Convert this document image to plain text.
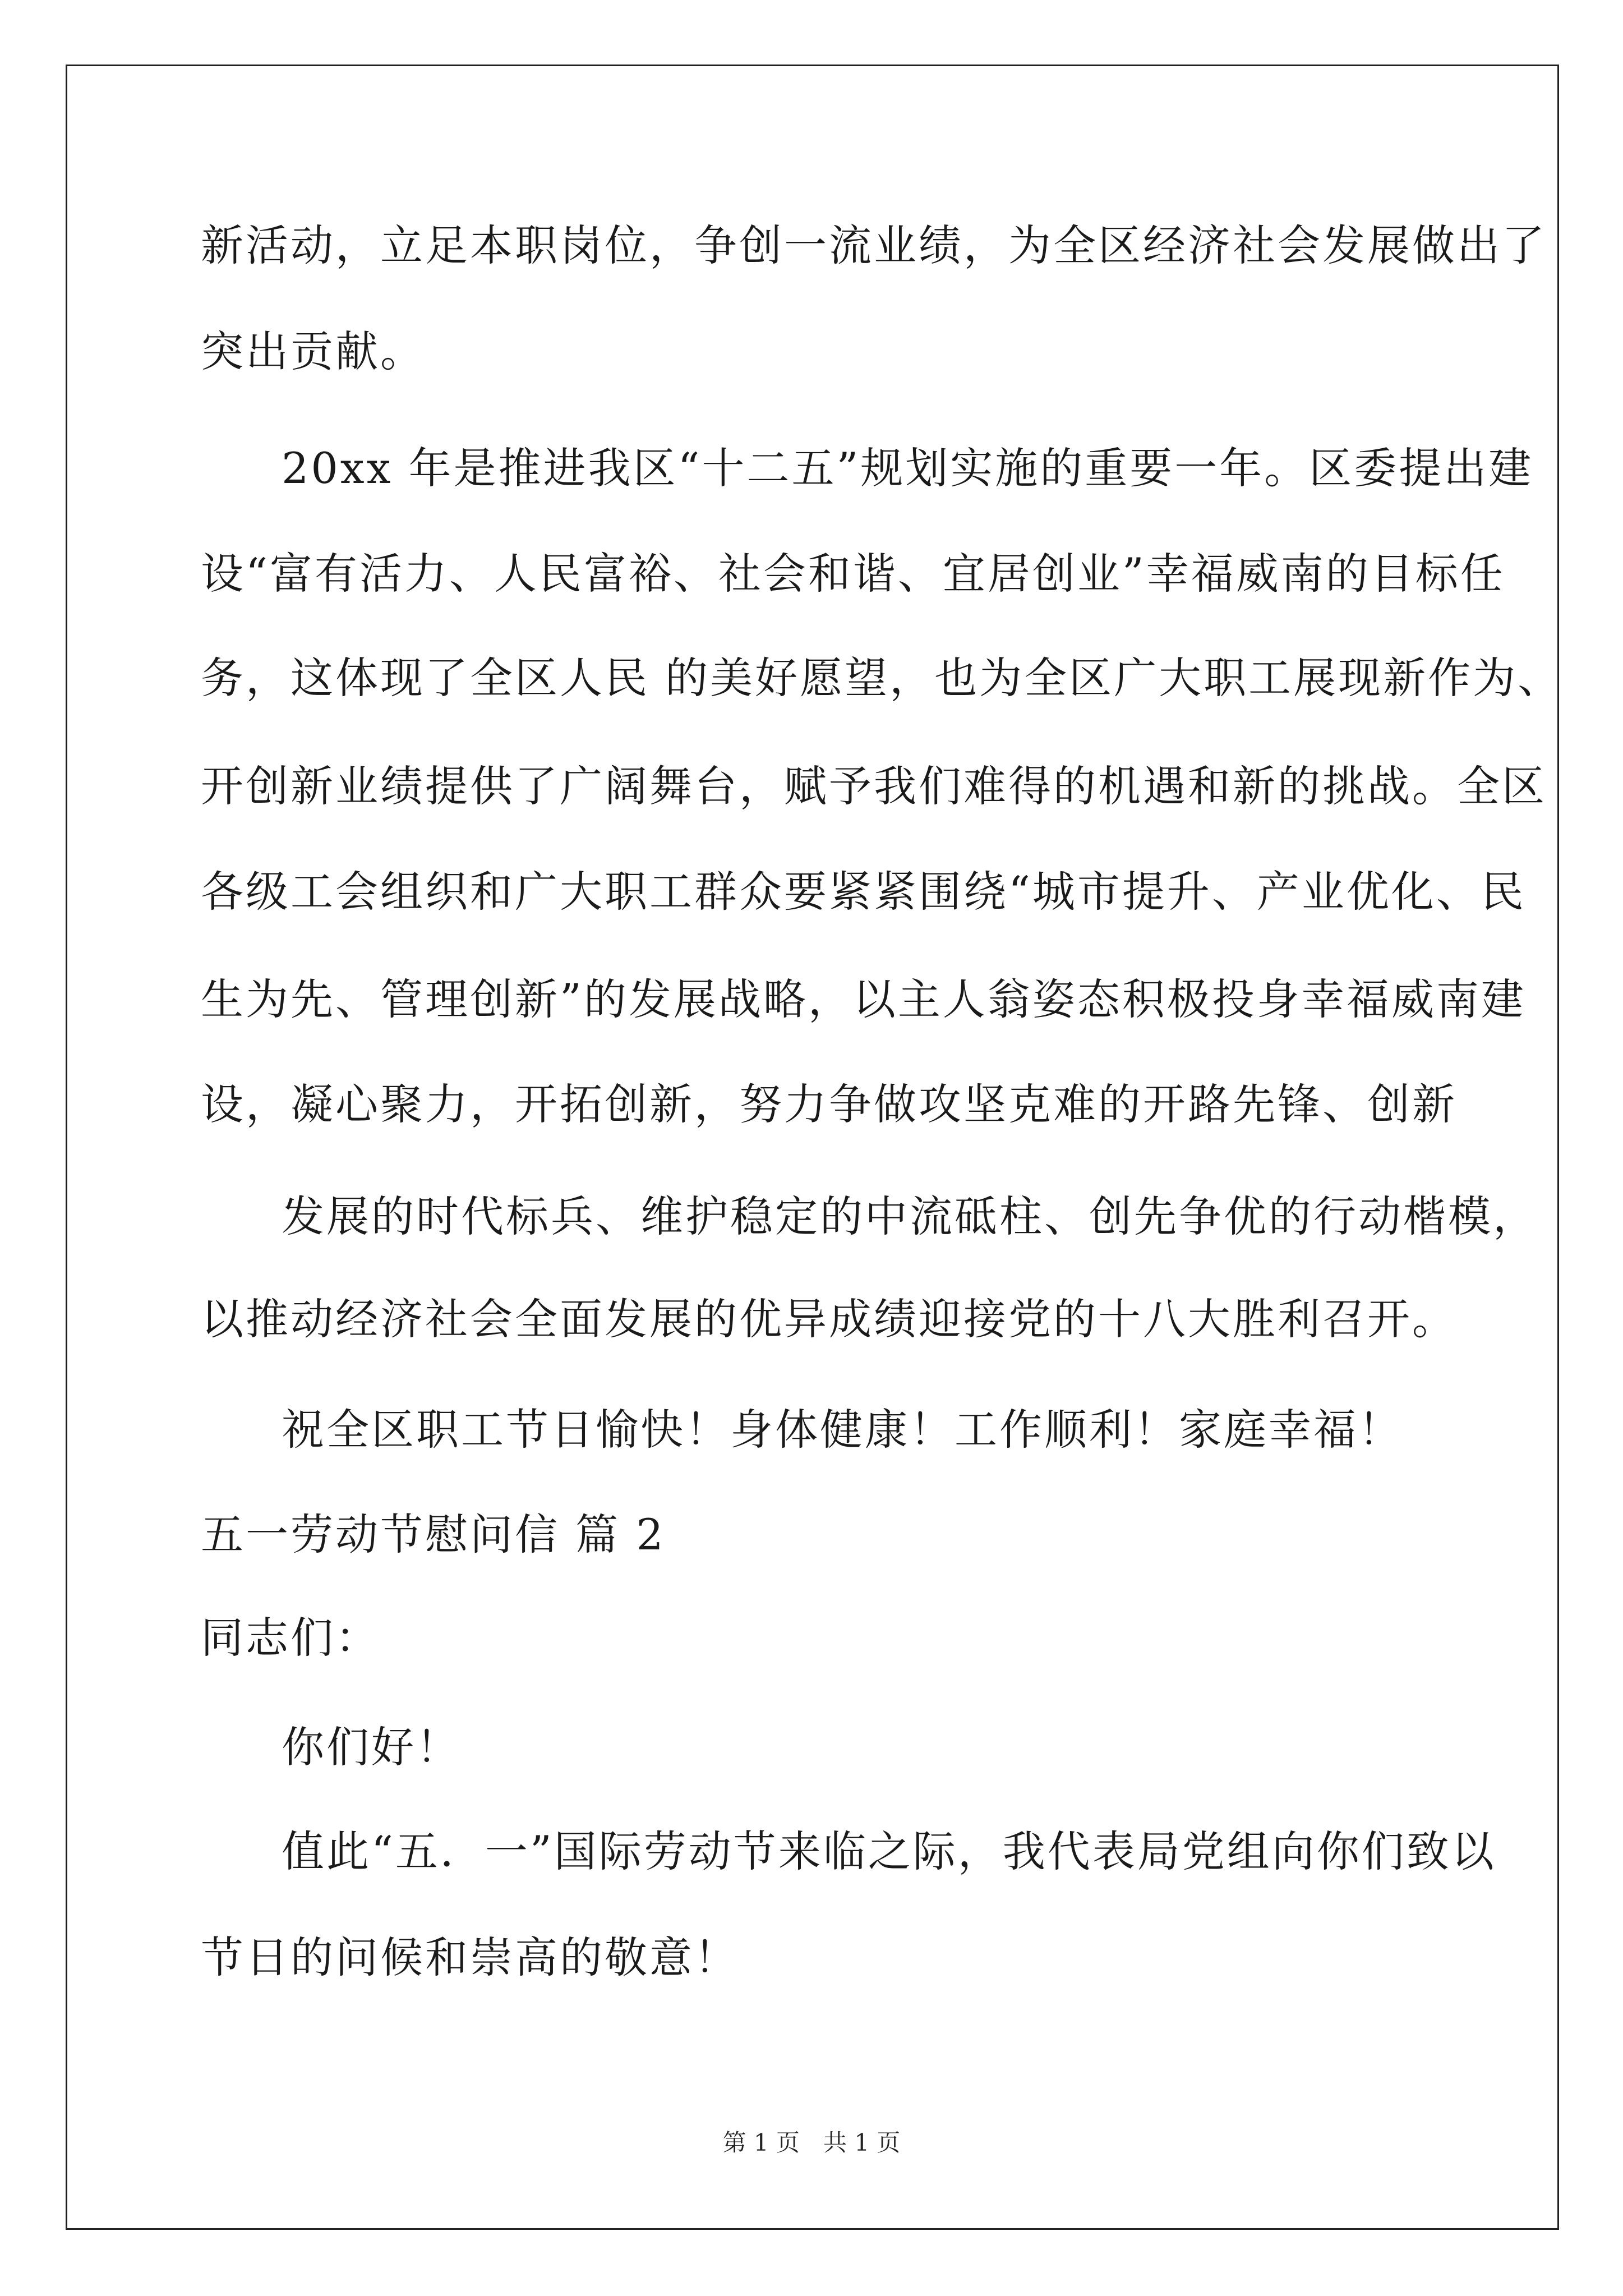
新活动，立足本职岗位，争创一流业绩，为全区经济社会发展做出了
突出贡献。
20xx 年是推进我区“十二五”规划实施的重要一年。区委提出建
设“富有活力、人民富裕、社会和谐、宜居创业”幸福威南的目标任
务，这体现了全区人民 的美好愿望，也为全区广大职工展现新作为、
开创新业绩提供了广阔舞台，赋予我们难得的机遇和新的挑战。全区
各级工会组织和广大职工群众要紧紧围绕“城市提升、产业优化、民
生为先、管理创新”的发展战略，以主人翁姿态积极投身幸福威南建
设，凝心聚力，开拓创新，努力争做攻坚克难的开路先锋、创新
发展的时代标兵、维护稳定的中流砥柱、创先争优的行动楷模，
以推动经济社会全面发展的优异成绩迎接党的十八大胜利召开。
祝全区职工节日愉快！身体健康！工作顺利！家庭幸福！
五一劳动节慰问信 篇 2
同志们：
你们好！
值此“五．一”国际劳动节来临之际，我代表局党组向你们致以
节日的问候和崇高的敬意！
第 1 页　共 1 页
